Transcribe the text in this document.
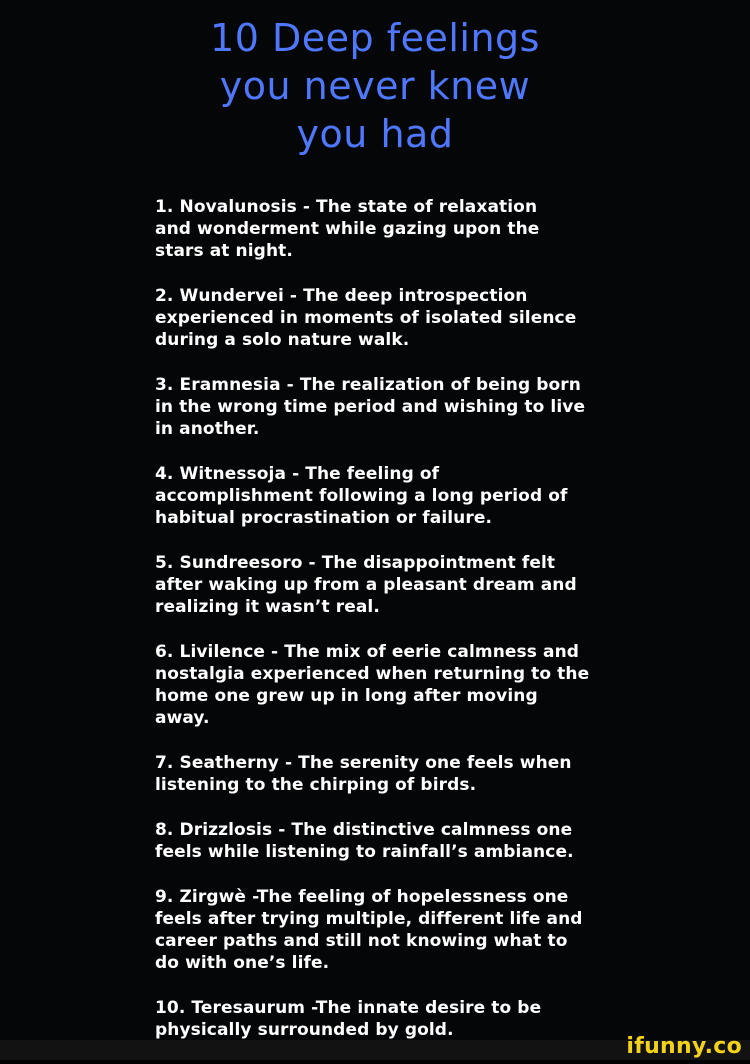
10 Deep feelings
you never knew
you had
1. Novalunosis - The state of relaxation
and wonderment while gazing upon the
stars at night.
2. Wundervei - The deep introspection
experienced in moments of isolated silence
during a solo nature walk.
3. Eramnesia - The realization of being born
in the wrong time period and wishing to live
in another.
4. Witnessoja - The feeling of
accomplishment following a long period of
habitual procrastination or failure.
5. Sundreesoro - The disappointment felt
after waking up from a pleasant dream and
realizing it wasn’t real.
6. Livilence - The mix of eerie calmness and
nostalgia experienced when returning to the
home one grew up in long after moving
away.
7. Seatherny - The serenity one feels when
listening to the chirping of birds.
8. Drizzlosis - The distinctive calmness one
feels while listening to rainfall’s ambiance.
9. Zirgwè -The feeling of hopelessness one
feels after trying multiple, different life and
career paths and still not knowing what to
do with one’s life.
10. Teresaurum -The innate desire to be
physically surrounded by gold.
ifunny.co
